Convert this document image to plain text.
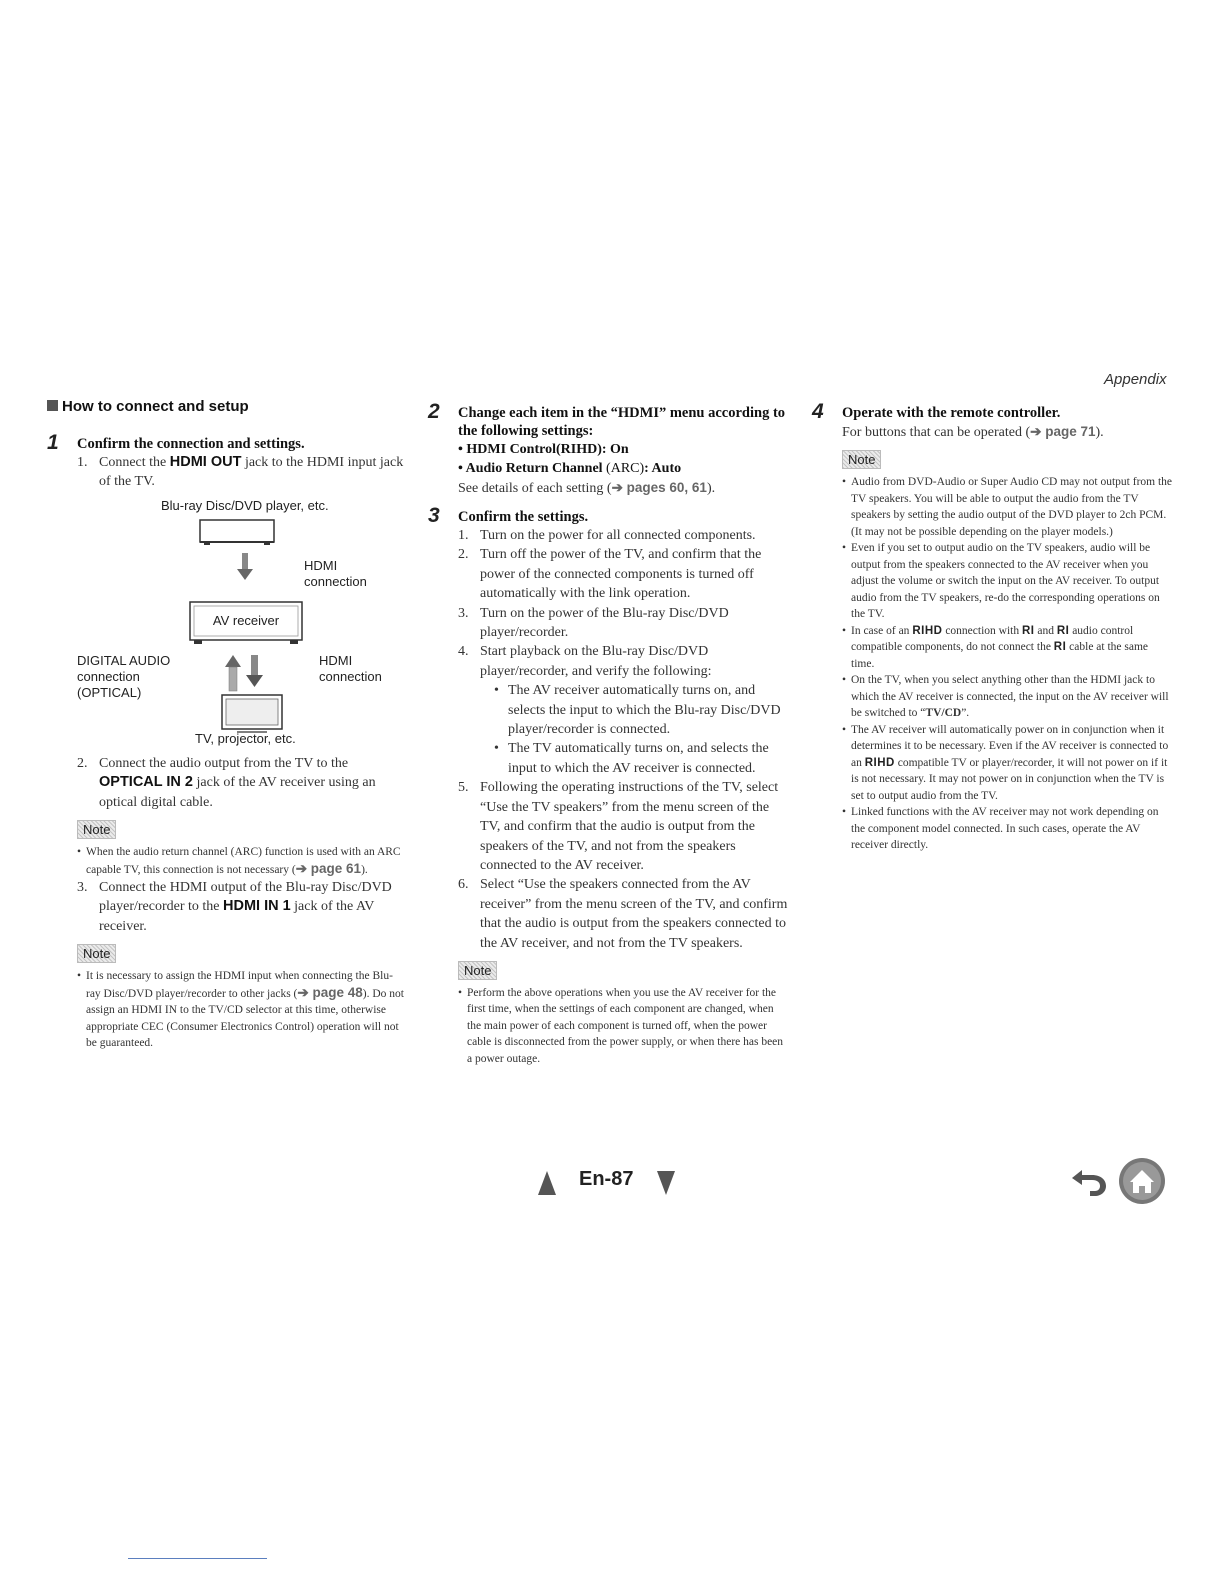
Appendix
How to connect and setup
1 Confirm the connection and settings.
1. Connect the HDMI OUT jack to the HDMI input jack of the TV.
Blu-ray Disc/DVD player, etc.
HDMI
connection
AV receiver
DIGITAL AUDIO
connection
(OPTICAL)
HDMI
connection
TV, projector, etc.
2. Connect the audio output from the TV to the OPTICAL IN 2 jack of the AV receiver using an optical digital cable.
Note
• When the audio return channel (ARC) function is used with an ARC capable TV, this connection is not necessary (➔ page 61).
3. Connect the HDMI output of the Blu-ray Disc/DVD player/recorder to the HDMI IN 1 jack of the AV receiver.
Note
• It is necessary to assign the HDMI input when connecting the Blu-ray Disc/DVD player/recorder to other jacks (➔ page 48). Do not assign an HDMI IN to the TV/CD selector at this time, otherwise appropriate CEC (Consumer Electronics Control) operation will not be guaranteed.
2 Change each item in the “HDMI” menu according to the following settings:
• HDMI Control(RIHD): On
• Audio Return Channel (ARC): Auto
See details of each setting (➔ pages 60, 61).
3 Confirm the settings.
1. Turn on the power for all connected components.
2. Turn off the power of the TV, and confirm that the power of the connected components is turned off automatically with the link operation.
3. Turn on the power of the Blu-ray Disc/DVD player/recorder.
4. Start playback on the Blu-ray Disc/DVD player/recorder, and verify the following:
• The AV receiver automatically turns on, and selects the input to which the Blu-ray Disc/DVD player/recorder is connected.
• The TV automatically turns on, and selects the input to which the AV receiver is connected.
5. Following the operating instructions of the TV, select “Use the TV speakers” from the menu screen of the TV, and confirm that the audio is output from the speakers of the TV, and not from the speakers connected to the AV receiver.
6. Select “Use the speakers connected from the AV receiver” from the menu screen of the TV, and confirm that the audio is output from the speakers connected to the AV receiver, and not from the TV speakers.
Note
• Perform the above operations when you use the AV receiver for the first time, when the settings of each component are changed, when the main power of each component is turned off, when the power cable is disconnected from the power supply, or when there has been a power outage.
4 Operate with the remote controller.
For buttons that can be operated (➔ page 71).
Note
• Audio from DVD-Audio or Super Audio CD may not output from the TV speakers. You will be able to output the audio from the TV speakers by setting the audio output of the DVD player to 2ch PCM. (It may not be possible depending on the player models.)
• Even if you set to output audio on the TV speakers, audio will be output from the speakers connected to the AV receiver when you adjust the volume or switch the input on the AV receiver. To output audio from the TV speakers, re-do the corresponding operations on the TV.
• In case of an RIHD connection with RI and RI audio control compatible components, do not connect the RI cable at the same time.
• On the TV, when you select anything other than the HDMI jack to which the AV receiver is connected, the input on the AV receiver will be switched to “TV/CD”.
• The AV receiver will automatically power on in conjunction when it determines it to be necessary. Even if the AV receiver is connected to an RIHD compatible TV or player/recorder, it will not power on if it is not necessary. It may not power on in conjunction when the TV is set to output audio from the TV.
• Linked functions with the AV receiver may not work depending on the component model connected. In such cases, operate the AV receiver directly.
En-87
